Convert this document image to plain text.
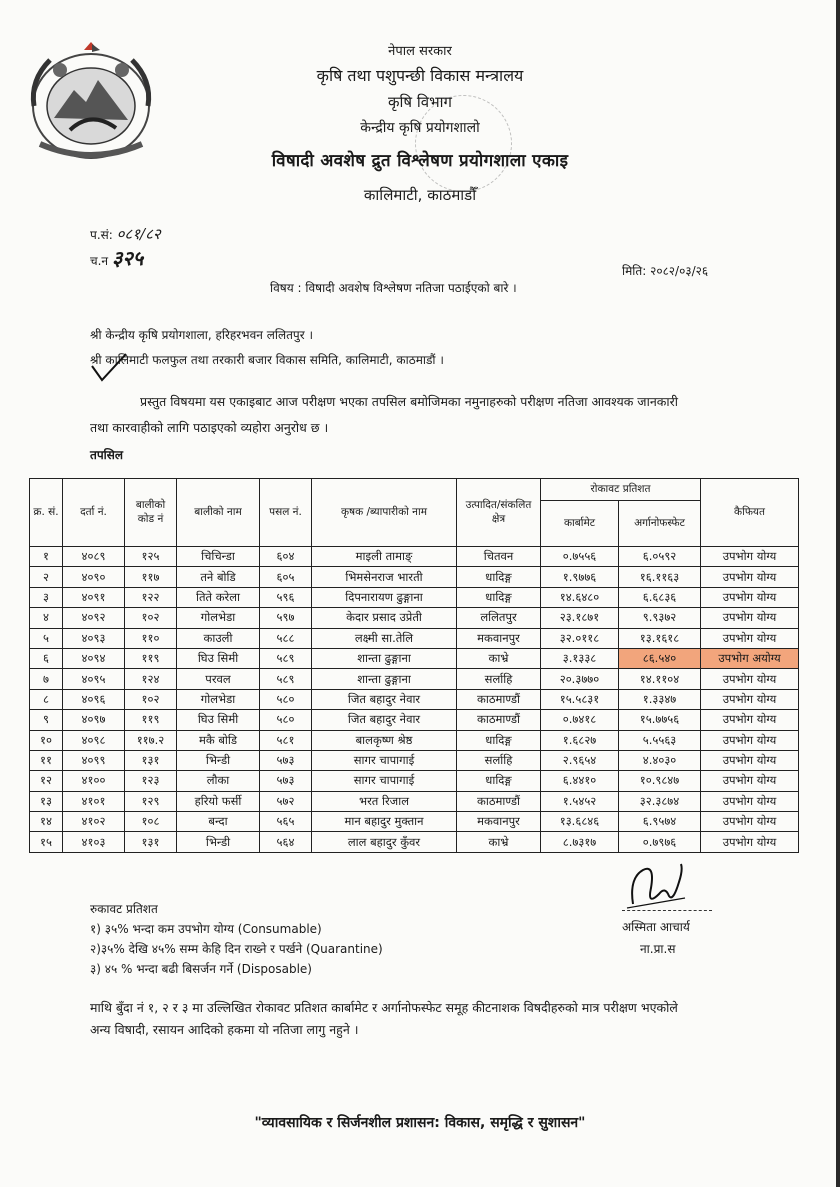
नेपाल सरकार
कृषि तथा पशुपन्छी विकास मन्त्रालय
कृषि विभाग
केन्द्रीय कृषि प्रयोगशालो
विषादी अवशेष द्रुत विश्लेषण प्रयोगशाला एकाइ
कालिमाटी, काठमाडौँ
प.सं: ०८१/८२
च.न ३२५
मिति: २०८२/०३/२६
विषय : विषादी अवशेष विश्लेषण नतिजा पठाईएको बारे ।
श्री केन्द्रीय कृषि प्रयोगशाला, हरिहरभवन ललितपुर ।
श्री कालिमाटी फलफुल तथा तरकारी बजार विकास समिति, कालिमाटी, काठमाडौं ।
प्रस्तुत विषयमा यस एकाइबाट आज परीक्षण भएका तपसिल बमोजिमका नमुनाहरुको परीक्षण नतिजा आवश्यक जानकारी
तथा कारवाहीको लागि पठाइएको व्यहोरा अनुरोध छ ।
तपसिल
क्र. सं.	दर्ता नं.	बालीको कोड नं	बालीको नाम	पसल नं.	कृषक /ब्यापारीको नाम	उत्पादित/संकलित क्षेत्र	रोकावट प्रतिशत		कैफियत
							कार्बामेट	अर्गानोफस्फेट	
१	४०८९	१२५	चिचिन्डा	६०४	माइली तामाङ्	चितवन	०.७५५६	६.०५९२	उपभोग योग्य
२	४०९०	११७	तने बोडि	६०५	भिमसेनराज भारती	धादिङ्ग	१.९७७६	१६.११६३	उपभोग योग्य
३	४०९१	१२२	तिते करेला	५९६	दिपनारायण ढुङ्गाना	धादिङ्ग	१४.६४८०	६.६८३६	उपभोग योग्य
४	४०९२	१०२	गोलभेडा	५९७	केदार प्रसाद उप्रेती	ललितपुर	२३.१८७१	९.९३७२	उपभोग योग्य
५	४०९३	११०	काउली	५८८	लक्ष्मी सा.तेलि	मकवानपुर	३२.०११८	१३.१६१८	उपभोग योग्य
६	४०९४	११९	घिउ सिमी	५८९	शान्ता ढुङ्गाना	काभ्रे	३.१३३८	८६.५४०	उपभोग अयोग्य
७	४०९५	१२४	परवल	५८९	शान्ता ढुङ्गाना	सर्लाहि	२०.३७७०	१४.११०४	उपभोग योग्य
८	४०९६	१०२	गोलभेडा	५८०	जित बहादुर नेवार	काठमाण्डौं	१५.५८३१	१.३३४७	उपभोग योग्य
९	४०९७	११९	घिउ सिमी	५८०	जित बहादुर नेवार	काठमाण्डौं	०.७४१८	१५.७७५६	उपभोग योग्य
१०	४०९८	११७.२	मकै बोडि	५८१	बालकृष्ण श्रेष्ठ	धादिङ्ग	१.६८२७	५.५५६३	उपभोग योग्य
११	४०९९	१३१	भिन्डी	५७३	सागर चापागाई	सर्लाहि	२.९६५४	४.४०३०	उपभोग योग्य
१२	४१००	१२३	लौका	५७३	सागर चापागाई	धादिङ्ग	६.४४१०	१०.९८४७	उपभोग योग्य
१३	४१०१	१२९	हरियो फर्सी	५७२	भरत रिजाल	काठमाण्डौं	१.५४५२	३२.३८७४	उपभोग योग्य
१४	४१०२	१०८	बन्दा	५६५	मान बहादुर मुक्तान	मकवानपुर	१३.६८४६	६.९५७४	उपभोग योग्य
१५	४१०३	१३१	भिन्डी	५६४	लाल बहादुर कुँवर	काभ्रे	८.७३१७	०.७९७६	उपभोग योग्य
रुकावट प्रतिशत
१) ३५% भन्दा कम उपभोग योग्य (Consumable)
२)३५% देखि ४५% सम्म केहि दिन राख्ने र पर्खने (Quarantine)
३) ४५ % भन्दा बढी बिसर्जन गर्ने (Disposable)
अस्मिता आचार्य
ना.प्रा.स
माथि बुँदा नं १, २ र ३ मा उल्लिखित रोकावट प्रतिशत कार्बामेट र अर्गानोफस्फेट समूह कीटनाशक विषदीहरुको मात्र परीक्षण भएकोले
अन्य विषादी, रसायन आदिको हकमा यो नतिजा लागु नहुने ।
"व्यावसायिक र सिर्जनशील प्रशासन: विकास, समृद्धि र सुशासन"
